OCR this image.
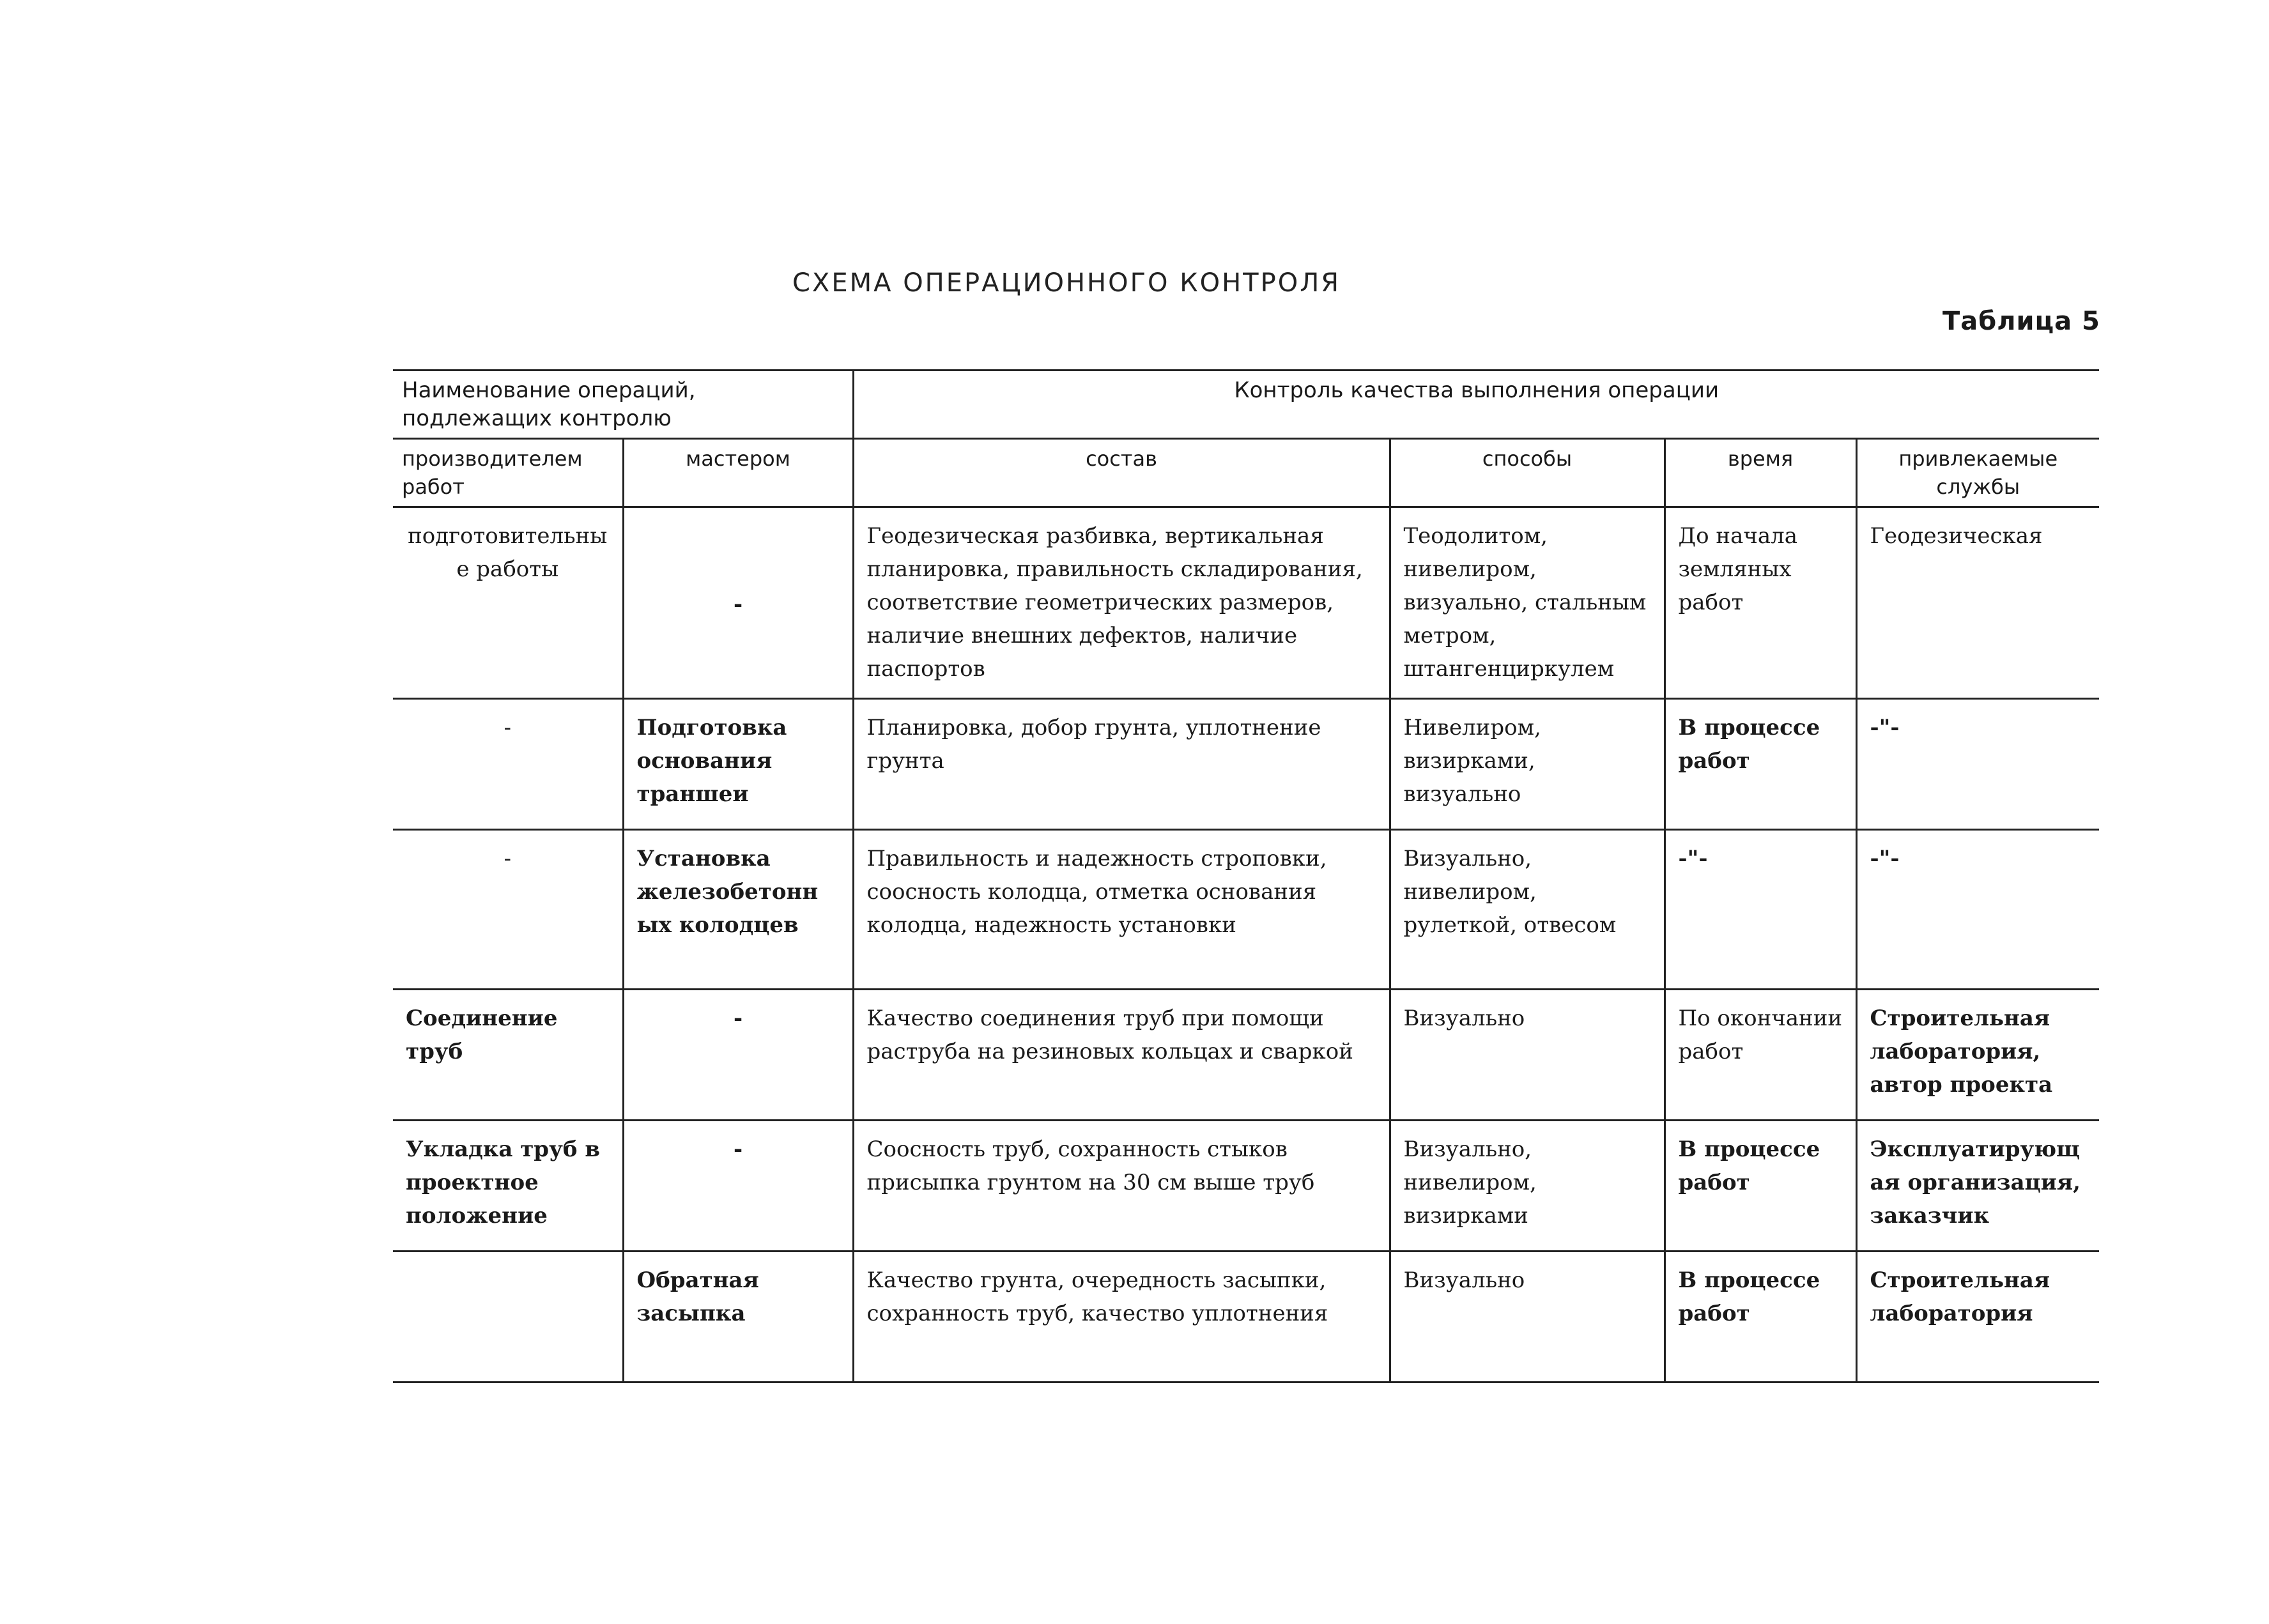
СХЕМА ОПЕРАЦИОННОГО КОНТРОЛЯ
Таблица 5
Наименование операций, подлежащих контролю		Контроль качества выполнения операции			
производителем работ	мастером	состав	способы	время	привлекаемые службы
подготовительные работы	-	Геодезическая разбивка, вертикальная планировка, правильность складирования, соответствие геометрических размеров, наличие внешних дефектов, наличие паспортов	Теодолитом, нивелиром, визуально, стальным метром, штангенциркулем	До начала земляных работ	Геодезическая
-	Подготовка основания траншеи	Планировка, добор грунта, уплотнение грунта	Нивелиром, визирками, визуально	В процессе работ	-"-
-	Установка железобетонных колодцев	Правильность и надежность строповки, соосность колодца, отметка основания колодца, надежность установки	Визуально, нивелиром, рулеткой, отвесом	-"-	-"-
Соединение труб	-	Качество соединения труб при помощи раструба на резиновых кольцах и сваркой	Визуально	По окончании работ	Строительная лаборатория, автор проекта
Укладка труб в проектное положение	-	Соосность труб, сохранность стыков присыпка грунтом на 30 см выше труб	Визуально, нивелиром, визирками	В процессе работ	Эксплуатирующая организация, заказчик
	Обратная засыпка	Качество грунта, очередность засыпки, сохранность труб, качество уплотнения	Визуально	В процессе работ	Строительная лаборатория
